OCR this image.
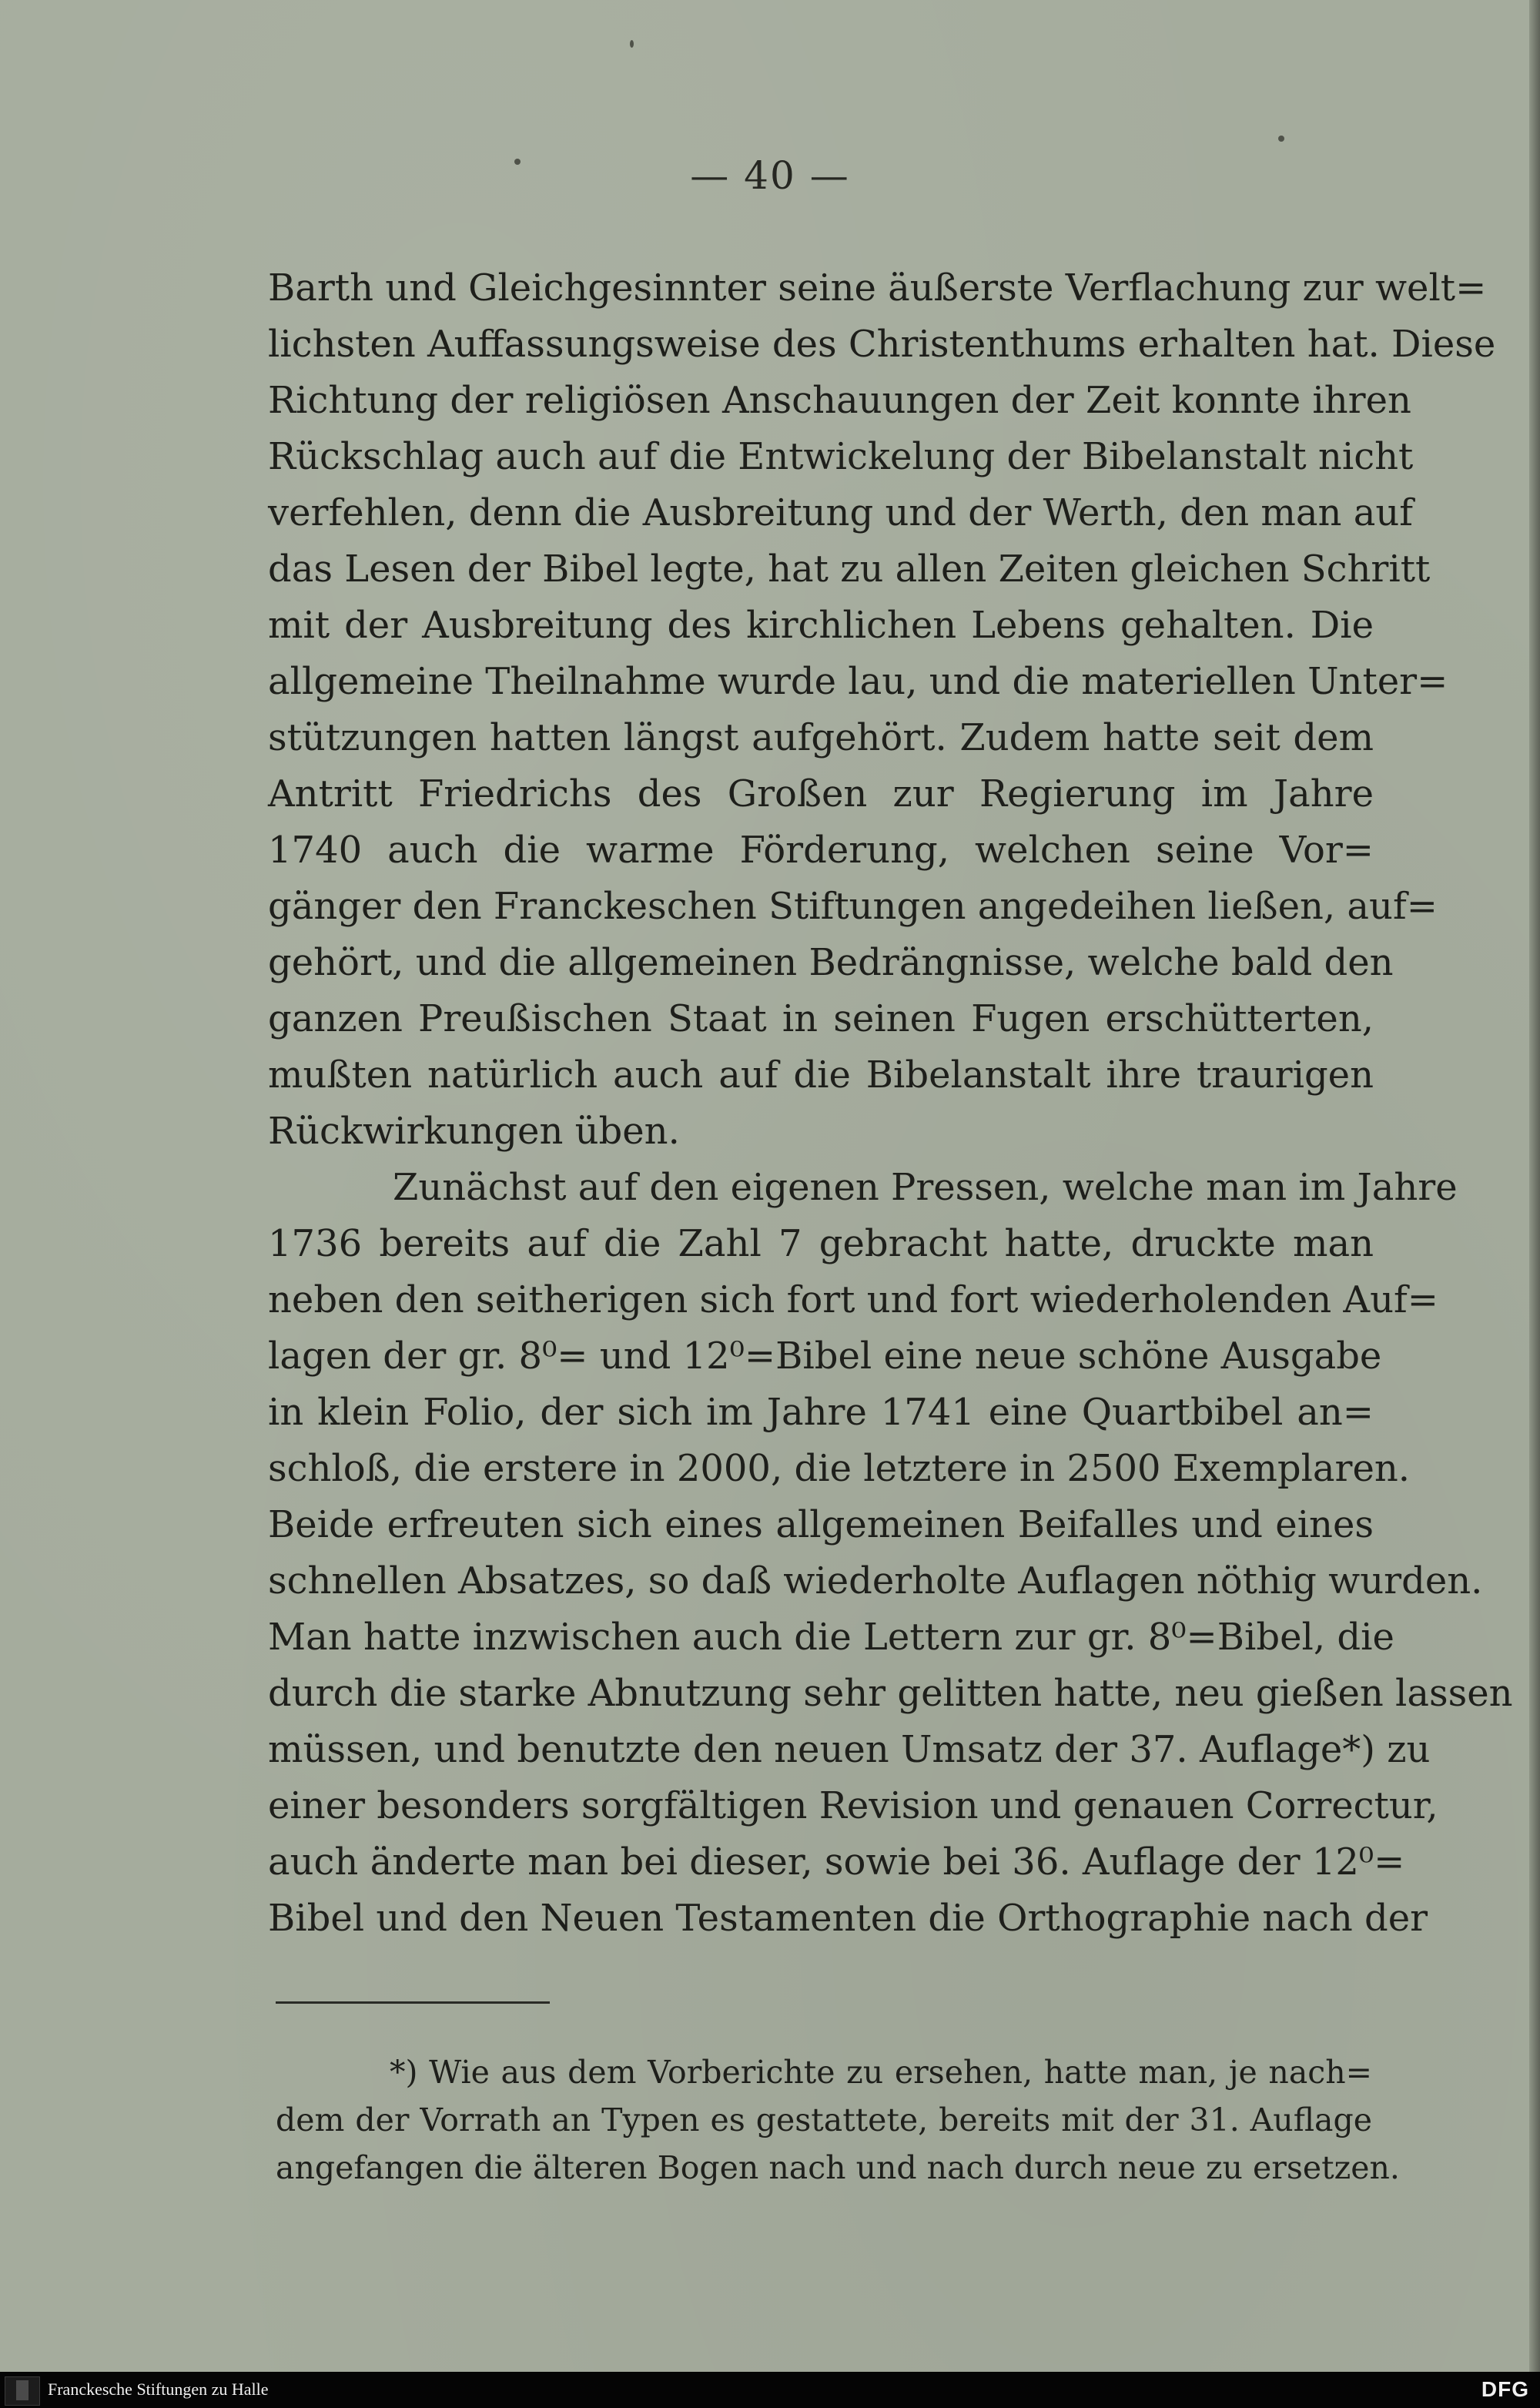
— 40 —
Barth und Gleichgesinnter seine äußerste Verflachung zur welt=
lichsten Auffassungsweise des Christenthums erhalten hat. Diese
Richtung der religiösen Anschauungen der Zeit konnte ihren
Rückschlag auch auf die Entwickelung der Bibelanstalt nicht
verfehlen, denn die Ausbreitung und der Werth, den man auf
das Lesen der Bibel legte, hat zu allen Zeiten gleichen Schritt
mit der Ausbreitung des kirchlichen Lebens gehalten. Die
allgemeine Theilnahme wurde lau, und die materiellen Unter=
stützungen hatten längst aufgehört. Zudem hatte seit dem
Antritt Friedrichs des Großen zur Regierung im Jahre
1740 auch die warme Förderung, welchen seine Vor=
gänger den Franckeschen Stiftungen angedeihen ließen, auf=
gehört, und die allgemeinen Bedrängnisse, welche bald den
ganzen Preußischen Staat in seinen Fugen erschütterten,
mußten natürlich auch auf die Bibelanstalt ihre traurigen
Rückwirkungen üben.
Zunächst auf den eigenen Pressen, welche man im Jahre
1736 bereits auf die Zahl 7 gebracht hatte, druckte man
neben den seitherigen sich fort und fort wiederholenden Auf=
lagen der gr. 8⁰= und 12⁰=Bibel eine neue schöne Ausgabe
in klein Folio, der sich im Jahre 1741 eine Quartbibel an=
schloß, die erstere in 2000, die letztere in 2500 Exemplaren.
Beide erfreuten sich eines allgemeinen Beifalles und eines
schnellen Absatzes, so daß wiederholte Auflagen nöthig wurden.
Man hatte inzwischen auch die Lettern zur gr. 8⁰=Bibel, die
durch die starke Abnutzung sehr gelitten hatte, neu gießen lassen
müssen, und benutzte den neuen Umsatz der 37. Auflage*) zu
einer besonders sorgfältigen Revision und genauen Correctur,
auch änderte man bei dieser, sowie bei 36. Auflage der 12⁰=
Bibel und den Neuen Testamenten die Orthographie nach der
*) Wie aus dem Vorberichte zu ersehen, hatte man, je nach=
dem der Vorrath an Typen es gestattete, bereits mit der 31. Auflage
angefangen die älteren Bogen nach und nach durch neue zu ersetzen.
Franckesche Stiftungen zu Halle	DFG
